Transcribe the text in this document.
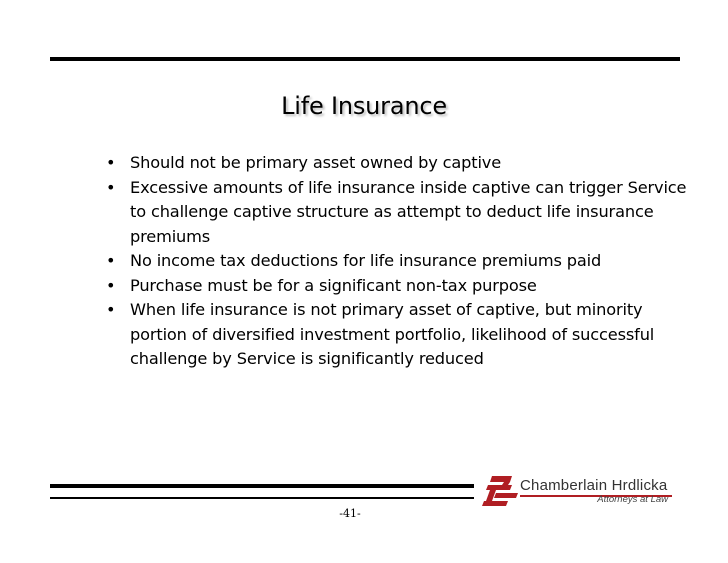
Life Insurance
• Should not be primary asset owned by captive
• Excessive amounts of life insurance inside captive can trigger Service to challenge captive structure as attempt to deduct life insurance premiums
• No income tax deductions for life insurance premiums paid
• Purchase must be for a significant non-tax purpose
• When life insurance is not primary asset of captive, but minority portion of diversified investment portfolio, likelihood of successful challenge by Service is significantly reduced
Chamberlain Hrdlicka
Attorneys at Law
-41-
